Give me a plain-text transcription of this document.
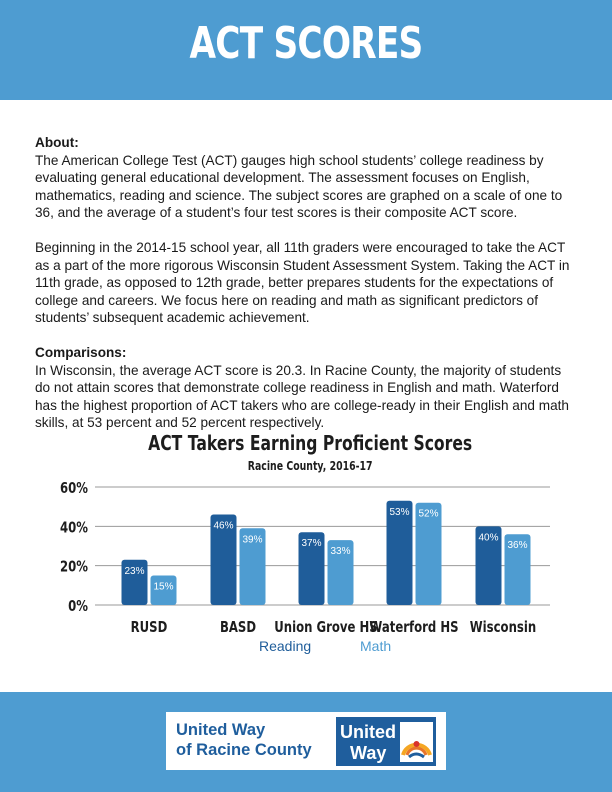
ACT SCORES

About:

The American College Test (ACT) gauges high school students’ college readiness by evaluating general educational development. The assessment focuses on English, mathematics, reading and science. The subject scores are graphed on a scale of one to 36, and the average of a student’s four test scores is their composite ACT score.

Beginning in the 2014-15 school year, all 11th graders were encouraged to take the ACT as a part of the more rigorous Wisconsin Student Assessment System. Taking the ACT in 11th grade, as opposed to 12th grade, better prepares students for the expectations of college and careers. We focus here on reading and math as significant predictors of students’ subsequent academic achievement.

Comparisons:

In Wisconsin, the average ACT score is 20.3. In Racine County, the majority of students do not attain scores that demonstrate college readiness in English and math. Waterford has the highest proportion of ACT takers who are college-ready in their English and math skills, at 53 percent and 52 percent respectively.

ACT Takers Earning Proficient Scores
Racine County, 2016-17
0%
20%
40%
60%
23%
15%
RUSD
46%
39%
BASD
37%
33%
Union Grove HS
53% 52%
Waterford HS
40%
36%
Wisconsin
Reading	Math
United Way
of Racine County
United
Way
